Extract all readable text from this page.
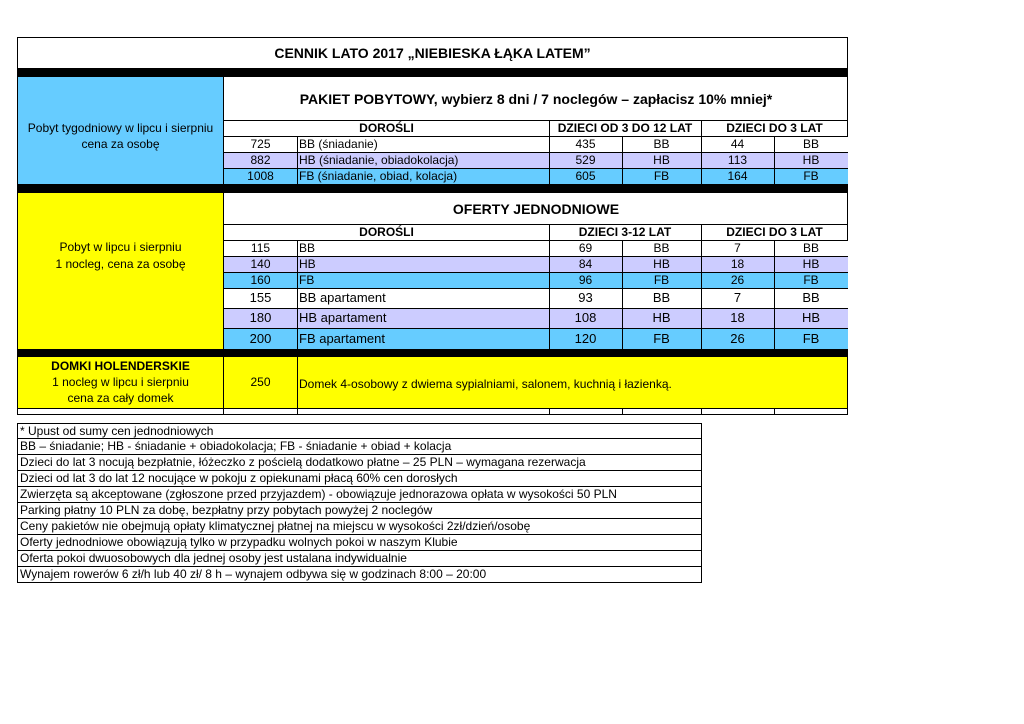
CENNIK LATO 2017 „NIEBIESKA ŁĄKA LATEM”
Pobyt tygodniowy w lipcu i sierpniu
cena za osobę
PAKIET POBYTOWY, wybierz 8 dni / 7 noclegów – zapłacisz 10% mniej*
DOROŚLI	DZIECI OD 3 DO 12 LAT	DZIECI DO 3 LAT
725	BB (śniadanie)	435	BB	44	BB
882	HB (śniadanie, obiadokolacja)	529	HB	113	HB
1008	FB (śniadanie, obiad, kolacja)	605	FB	164	FB
Pobyt w lipcu i sierpniu
1 nocleg, cena za osobę
OFERTY JEDNODNIOWE
DOROŚLI	DZIECI 3-12 LAT	DZIECI DO 3 LAT
115	BB	69	BB	7	BB
140	HB	84	HB	18	HB
160	FB	96	FB	26	FB
155	BB apartament	93	BB	7	BB
180	HB apartament	108	HB	18	HB
200	FB apartament	120	FB	26	FB
DOMKI HOLENDERSKIE
1 nocleg w lipcu i sierpniu
cena za cały domek
250	Domek 4-osobowy z dwiema sypialniami, salonem, kuchnią i łazienką.
* Upust od sumy cen jednodniowych
BB – śniadanie; HB - śniadanie + obiadokolacja; FB - śniadanie + obiad + kolacja
Dzieci do lat 3 nocują bezpłatnie, łóżeczko z pościelą dodatkowo płatne – 25 PLN – wymagana rezerwacja
Dzieci od lat 3 do lat 12 nocujące w pokoju z opiekunami płacą 60% cen dorosłych
Zwierzęta są akceptowane (zgłoszone przed przyjazdem) - obowiązuje jednorazowa opłata w wysokości 50 PLN
Parking płatny 10 PLN za dobę, bezpłatny przy pobytach powyżej 2 noclegów
Ceny pakietów nie obejmują opłaty klimatycznej płatnej na miejscu w wysokości 2zł/dzień/osobę
Oferty jednodniowe obowiązują tylko w przypadku wolnych pokoi w naszym Klubie
Oferta pokoi dwuosobowych dla jednej osoby jest ustalana indywidualnie
Wynajem rowerów 6 zł/h lub 40 zł/ 8 h – wynajem odbywa się w godzinach 8:00 – 20:00
